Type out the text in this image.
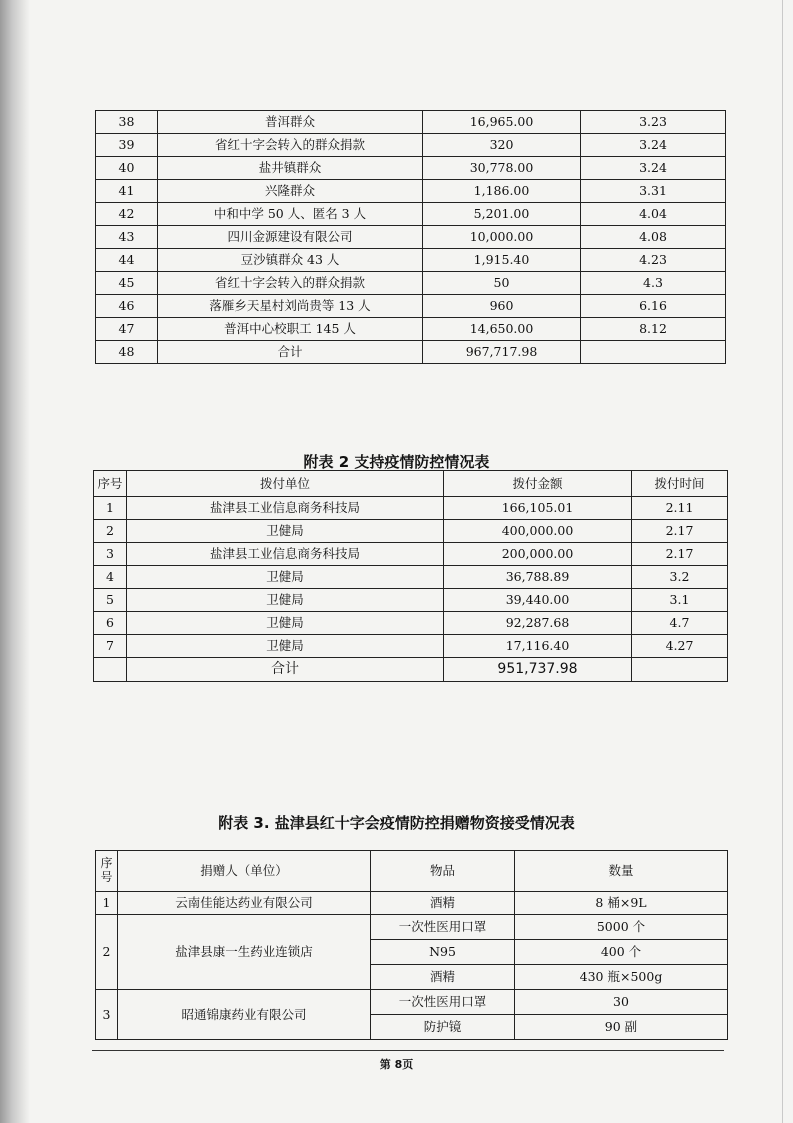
38	普洱群众	16,965.00	3.23
39	省红十字会转入的群众捐款	320	3.24
40	盐井镇群众	30,778.00	3.24
41	兴隆群众	1,186.00	3.31
42	中和中学 50 人、匿名 3 人	5,201.00	4.04
43	四川金源建设有限公司	10,000.00	4.08
44	豆沙镇群众 43 人	1,915.40	4.23
45	省红十字会转入的群众捐款	50	4.3
46	落雁乡天星村刘尚贵等 13 人	960	6.16
47	普洱中心校职工 145 人	14,650.00	8.12
48	合计	967,717.98	
附表 2 支持疫情防控情况表
序号	拨付单位	拨付金额	拨付时间
1	盐津县工业信息商务科技局	166,105.01	2.11
2	卫健局	400,000.00	2.17
3	盐津县工业信息商务科技局	200,000.00	2.17
4	卫健局	36,788.89	3.2
5	卫健局	39,440.00	3.1
6	卫健局	92,287.68	4.7
7	卫健局	17,116.40	4.27
	合计	951,737.98	
附表 3. 盐津县红十字会疫情防控捐赠物资接受情况表
序号	捐赠人（单位）	物品	数量
1	云南佳能达药业有限公司	酒精	8 桶×9L
2	盐津县康一生药业连锁店	一次性医用口罩	5000 个
		N95	400 个
		酒精	430 瓶×500g
3	昭通锦康药业有限公司	一次性医用口罩	30
		防护镜	90 副
第 8页
